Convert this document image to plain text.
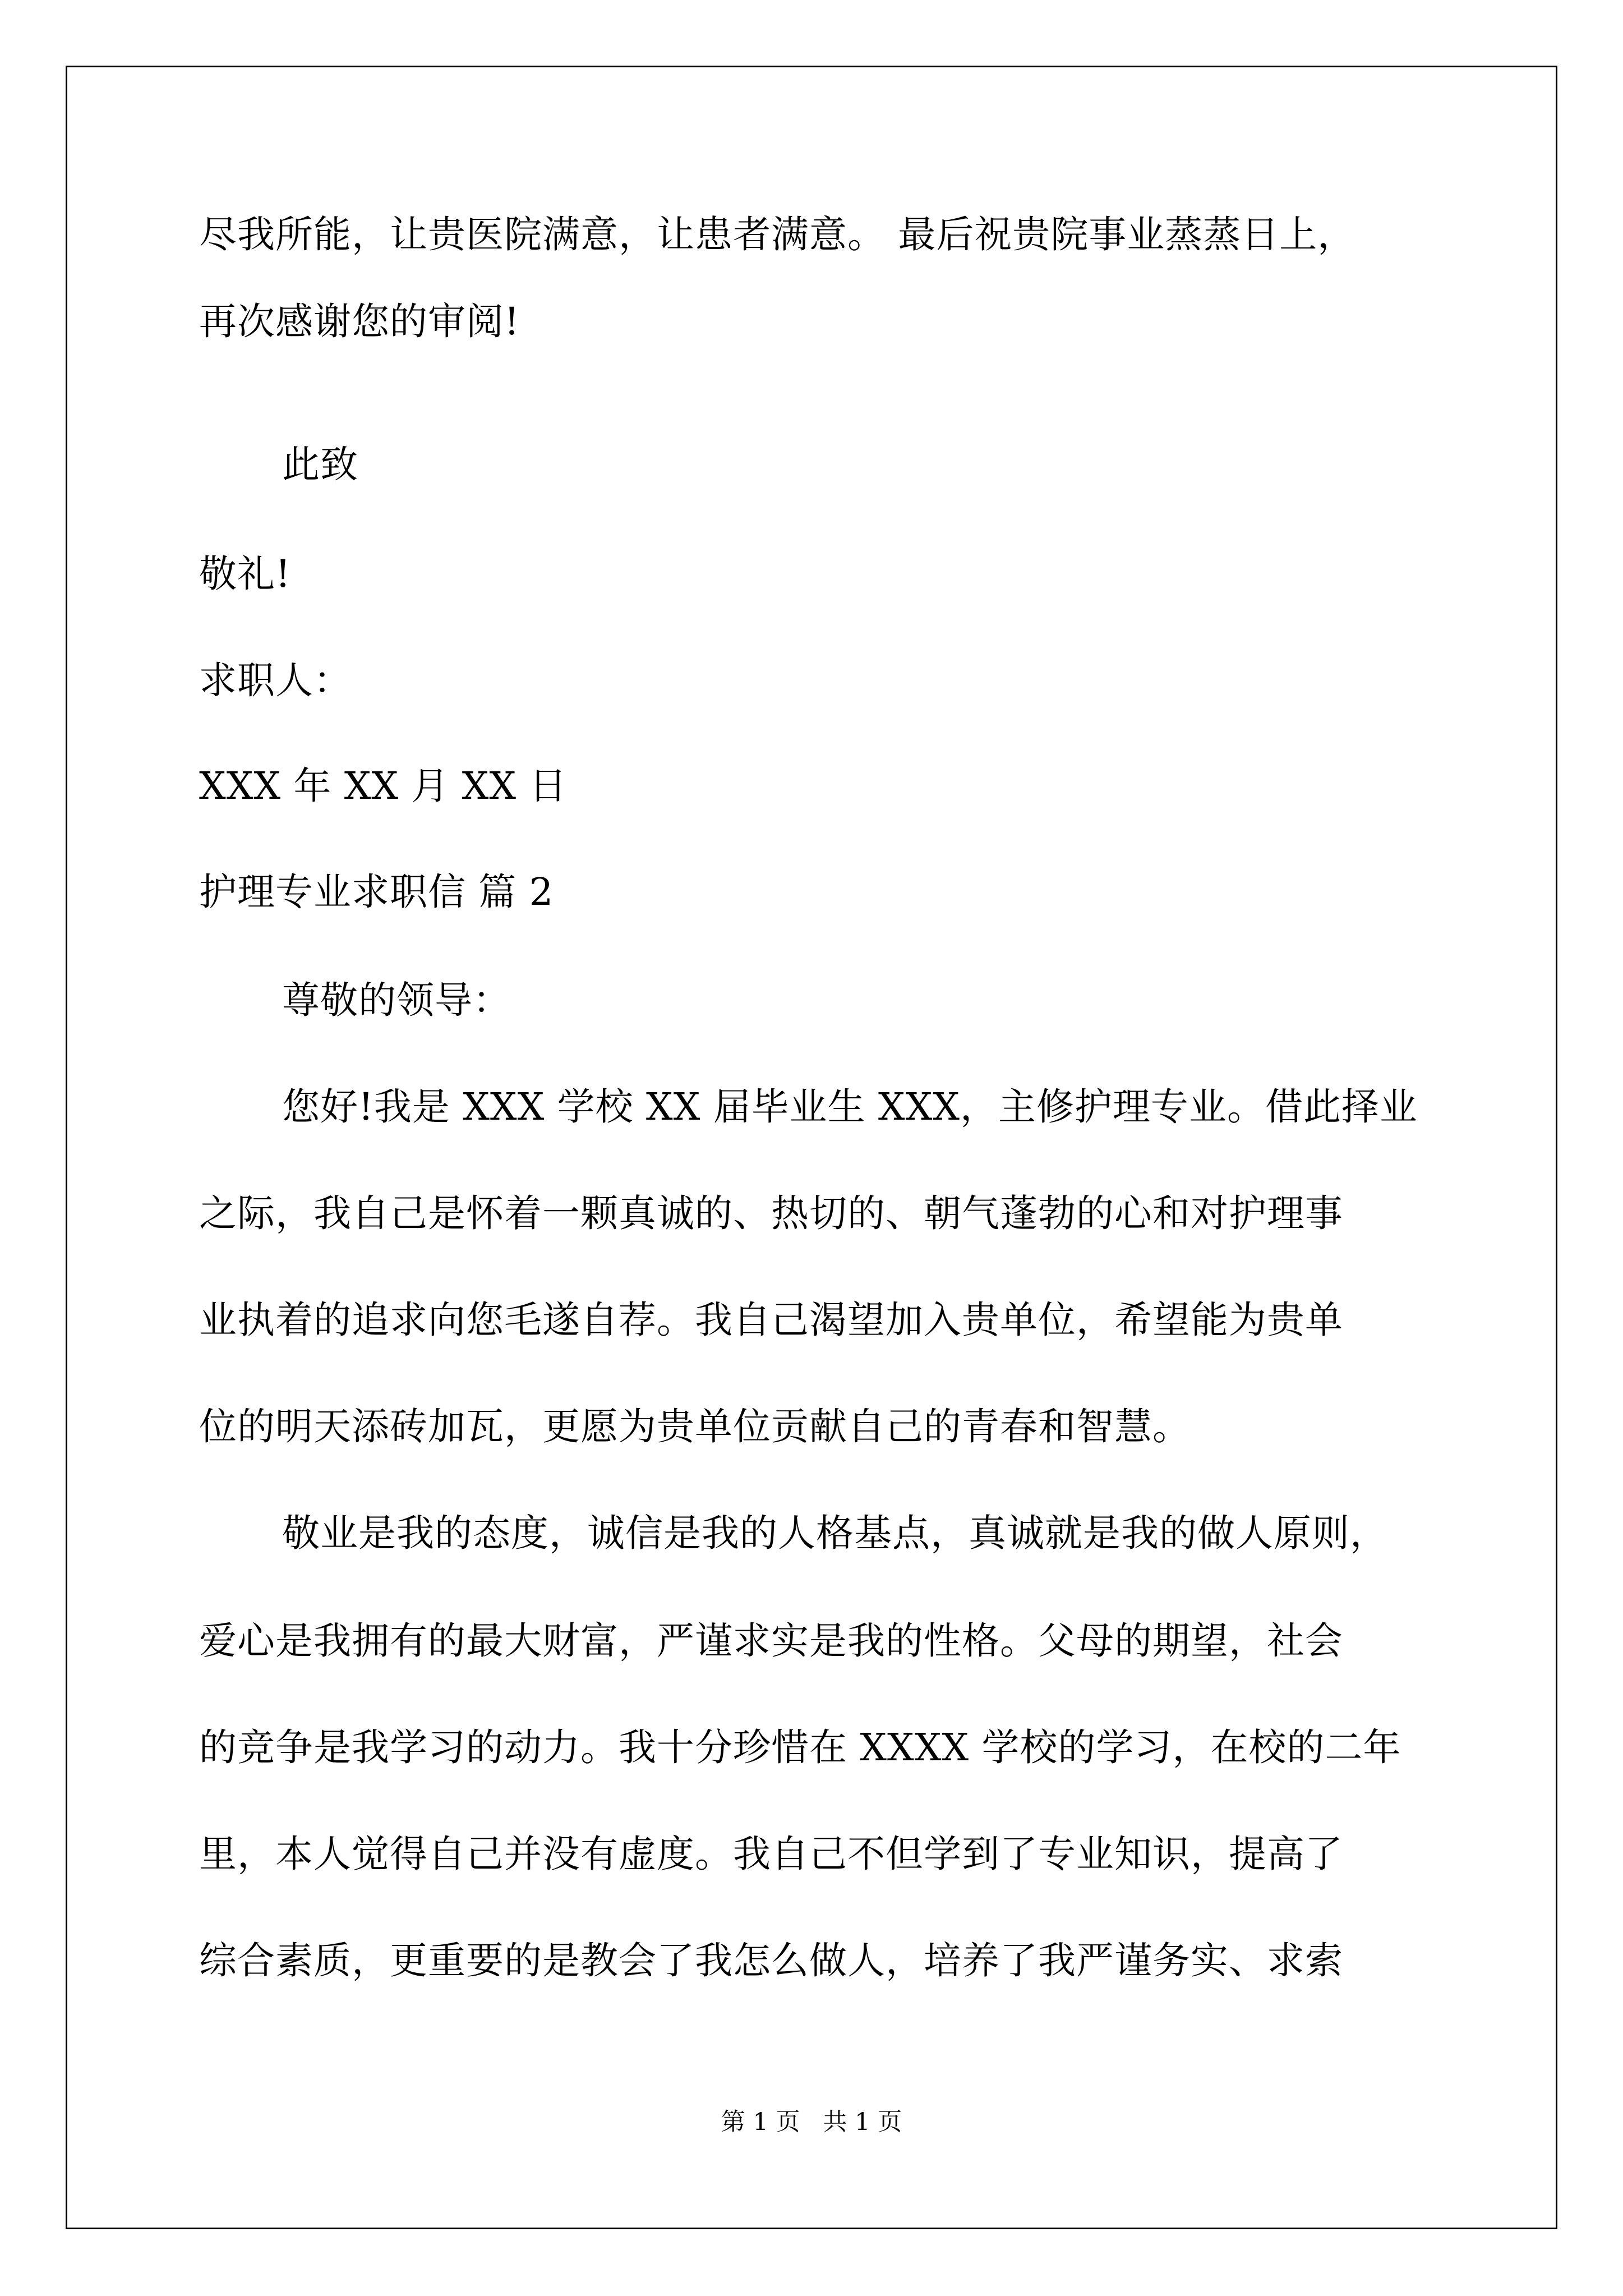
尽我所能，让贵医院满意，让患者满意。 最后祝贵院事业蒸蒸日上，
再次感谢您的审阅!
此致
敬礼!
求职人：
XXX 年 XX 月 XX 日
护理专业求职信 篇 2
尊敬的领导：
您好!我是 XXX 学校 XX 届毕业生 XXX，主修护理专业。借此择业
之际，我自己是怀着一颗真诚的、热切的、朝气蓬勃的心和对护理事
业执着的追求向您毛遂自荐。我自己渴望加入贵单位，希望能为贵单
位的明天添砖加瓦，更愿为贵单位贡献自己的青春和智慧。
敬业是我的态度，诚信是我的人格基点，真诚就是我的做人原则，
爱心是我拥有的最大财富，严谨求实是我的性格。父母的期望，社会
的竞争是我学习的动力。我十分珍惜在 XXXX 学校的学习，在校的二年
里，本人觉得自己并没有虚度。我自己不但学到了专业知识，提高了
综合素质，更重要的是教会了我怎么做人，培养了我严谨务实、求索
第 1 页   共 1 页
